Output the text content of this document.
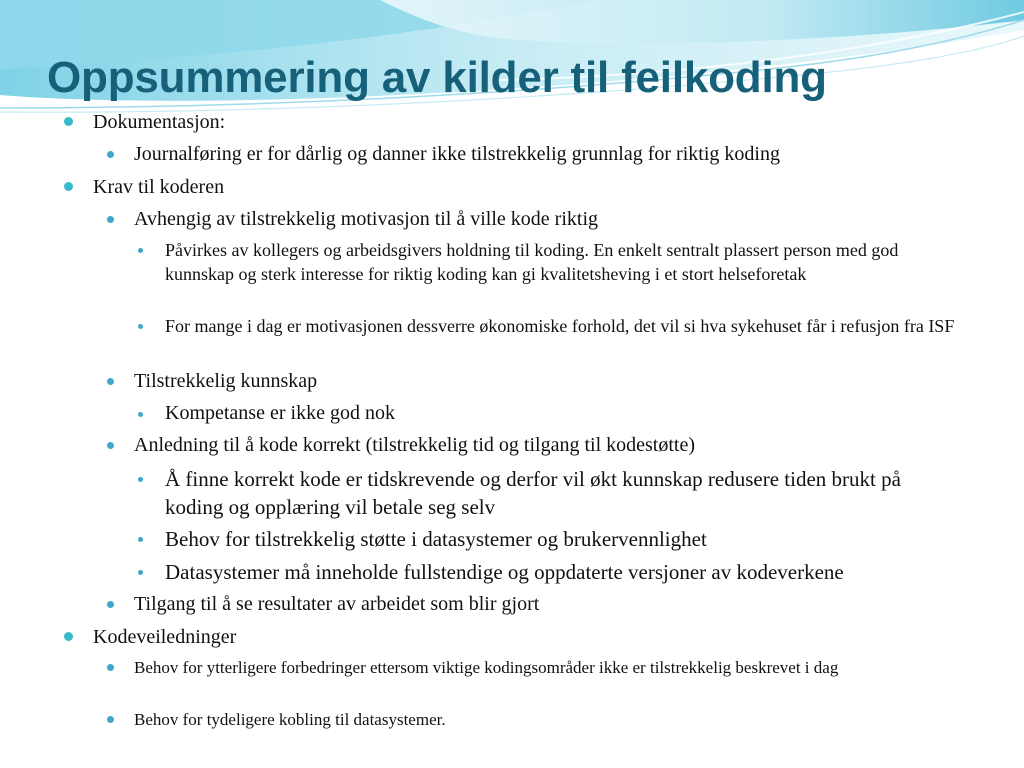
Oppsummering av kilder til feilkoding
Dokumentasjon:
Journalføring er for dårlig og danner ikke tilstrekkelig grunnlag for riktig koding
Krav til koderen
Avhengig av tilstrekkelig motivasjon til å ville kode riktig
Påvirkes av kollegers og arbeidsgivers holdning til koding. En enkelt sentralt plassert person med god kunnskap og sterk interesse for riktig koding kan gi kvalitetsheving i et stort helseforetak
For mange i dag er motivasjonen dessverre økonomiske forhold, det vil si hva sykehuset får i refusjon fra ISF
Tilstrekkelig kunnskap
Kompetanse er ikke god nok
Anledning til å kode korrekt (tilstrekkelig tid og tilgang til kodestøtte)
Å finne korrekt kode er tidskrevende og derfor vil økt kunnskap redusere tiden brukt på koding og opplæring vil betale seg selv
Behov for tilstrekkelig støtte i datasystemer og brukervennlighet
Datasystemer må inneholde fullstendige og oppdaterte versjoner av kodeverkene
Tilgang til å se resultater av arbeidet som blir gjort
Kodeveiledninger
Behov for ytterligere forbedringer ettersom viktige kodingsområder ikke er tilstrekkelig beskrevet i dag
Behov for tydeligere kobling til datasystemer.
